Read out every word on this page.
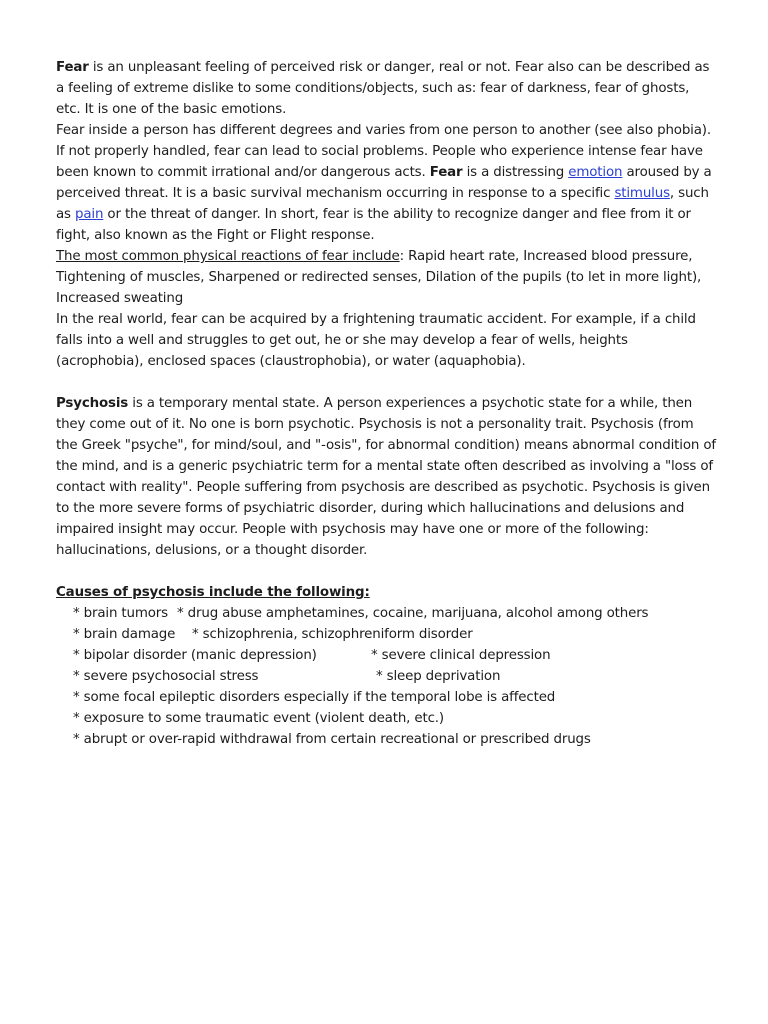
Fear is an unpleasant feeling of perceived risk or danger, real or not. Fear also can be described as a feeling of extreme dislike to some conditions/objects, such as: fear of darkness, fear of ghosts, etc. It is one of the basic emotions.

Fear inside a person has different degrees and varies from one person to another (see also phobia). If not properly handled, fear can lead to social problems. People who experience intense fear have been known to commit irrational and/or dangerous acts. Fear is a distressing emotion aroused by a perceived threat. It is a basic survival mechanism occurring in response to a specific stimulus, such as pain or the threat of danger. In short, fear is the ability to recognize danger and flee from it or fight, also known as the Fight or Flight response.

The most common physical reactions of fear include: Rapid heart rate, Increased blood pressure, Tightening of muscles, Sharpened or redirected senses, Dilation of the pupils (to let in more light), Increased sweating

In the real world, fear can be acquired by a frightening traumatic accident. For example, if a child falls into a well and struggles to get out, he or she may develop a fear of wells, heights (acrophobia), enclosed spaces (claustrophobia), or water (aquaphobia).

Psychosis is a temporary mental state. A person experiences a psychotic state for a while, then they come out of it. No one is born psychotic. Psychosis is not a personality trait. Psychosis (from the Greek "psyche", for mind/soul, and "-osis", for abnormal condition) means abnormal condition of the mind, and is a generic psychiatric term for a mental state often described as involving a "loss of contact with reality". People suffering from psychosis are described as psychotic. Psychosis is given to the more severe forms of psychiatric disorder, during which hallucinations and delusions and impaired insight may occur. People with psychosis may have one or more of the following: hallucinations, delusions, or a thought disorder.

Causes of psychosis include the following:

* brain tumors * drug abuse amphetamines, cocaine, marijuana, alcohol among others
* brain damage	* schizophrenia, schizophreniform disorder
* bipolar disorder (manic depression)	* severe clinical depression
* severe psychosocial stress	* sleep deprivation
* some focal epileptic disorders especially if the temporal lobe is affected
* exposure to some traumatic event (violent death, etc.)
* abrupt or over-rapid withdrawal from certain recreational or prescribed drugs
